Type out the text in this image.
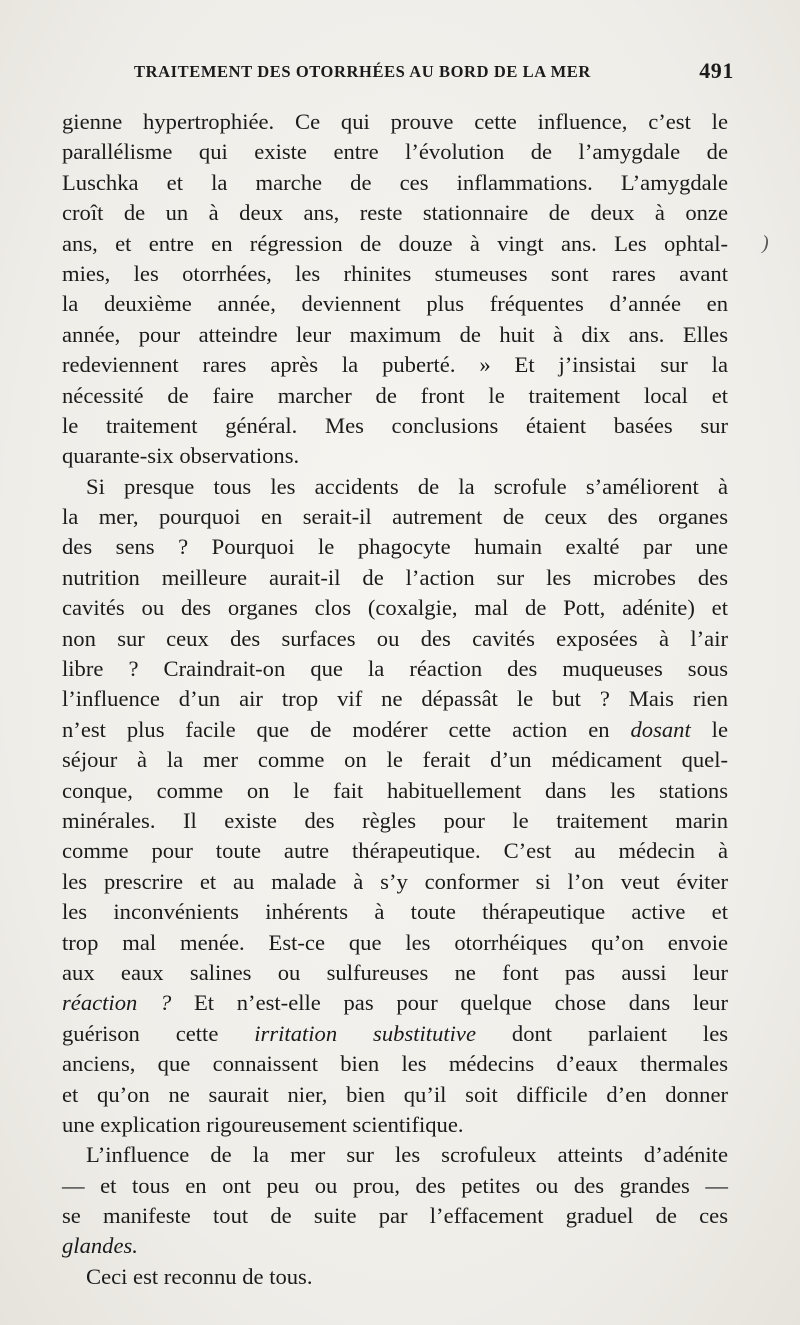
TRAITEMENT DES OTORRHÉES AU BORD DE LA MER	491
gienne hypertrophiée. Ce qui prouve cette influence, c’est le
parallélisme qui existe entre l’évolution de l’amygdale de
Luschka et la marche de ces inflammations. L’amygdale
croît de un à deux ans, reste stationnaire de deux à onze
ans, et entre en régression de douze à vingt ans. Les ophtal-
mies, les otorrhées, les rhinites stumeuses sont rares avant
la deuxième année, deviennent plus fréquentes d’année en
année, pour atteindre leur maximum de huit à dix ans. Elles
redeviennent rares après la puberté. » Et j’insistai sur la
nécessité de faire marcher de front le traitement local et
le traitement général. Mes conclusions étaient basées sur
quarante-six observations.
Si presque tous les accidents de la scrofule s’améliorent à
la mer, pourquoi en serait-il autrement de ceux des organes
des sens ? Pourquoi le phagocyte humain exalté par une
nutrition meilleure aurait-il de l’action sur les microbes des
cavités ou des organes clos (coxalgie, mal de Pott, adénite) et
non sur ceux des surfaces ou des cavités exposées à l’air
libre ? Craindrait-on que la réaction des muqueuses sous
l’influence d’un air trop vif ne dépassât le but ? Mais rien
n’est plus facile que de modérer cette action en dosant le
séjour à la mer comme on le ferait d’un médicament quel-
conque, comme on le fait habituellement dans les stations
minérales. Il existe des règles pour le traitement marin
comme pour toute autre thérapeutique. C’est au médecin à
les prescrire et au malade à s’y conformer si l’on veut éviter
les inconvénients inhérents à toute thérapeutique active et
trop mal menée. Est-ce que les otorrhéiques qu’on envoie
aux eaux salines ou sulfureuses ne font pas aussi leur
réaction ? Et n’est-elle pas pour quelque chose dans leur
guérison cette irritation substitutive dont parlaient les
anciens, que connaissent bien les médecins d’eaux thermales
et qu’on ne saurait nier, bien qu’il soit difficile d’en donner
une explication rigoureusement scientifique.
L’influence de la mer sur les scrofuleux atteints d’adénite
— et tous en ont peu ou prou, des petites ou des grandes —
se manifeste tout de suite par l’effacement graduel de ces
glandes.
Ceci est reconnu de tous.
)
